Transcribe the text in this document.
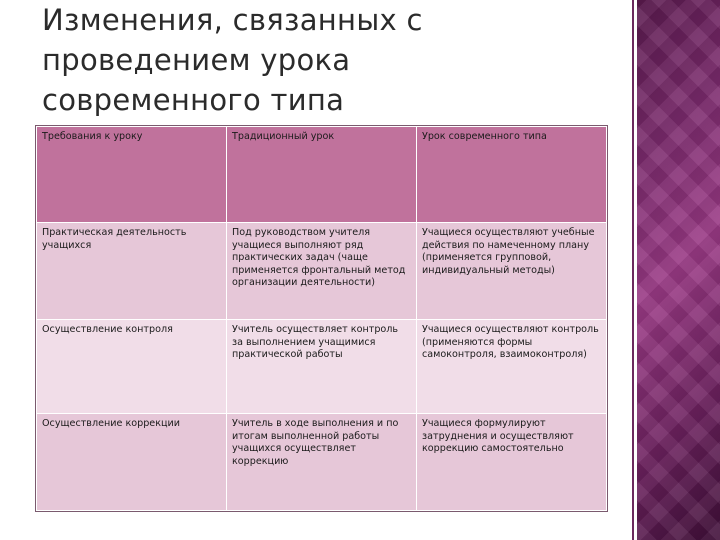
Изменения, связанных с
проведением урока
современного типа
Требования к уроку	Традиционный урок	Урок современного типа
Практическая деятельность учащихся	Под руководством учителя учащиеся выполняют ряд практических задач (чаще применяется фронтальный метод организации деятельности)	Учащиеся осуществляют учебные действия по намеченному плану (применяется групповой, индивидуальный методы)
Осуществление контроля	Учитель осуществляет контроль за выполнением учащимися практической работы	Учащиеся осуществляют контроль (применяются формы самоконтроля, взаимоконтроля)
Осуществление коррекции	Учитель в ходе выполнения и по итогам выполненной работы учащихся осуществляет коррекцию	Учащиеся формулируют затруднения и осуществляют коррекцию самостоятельно
